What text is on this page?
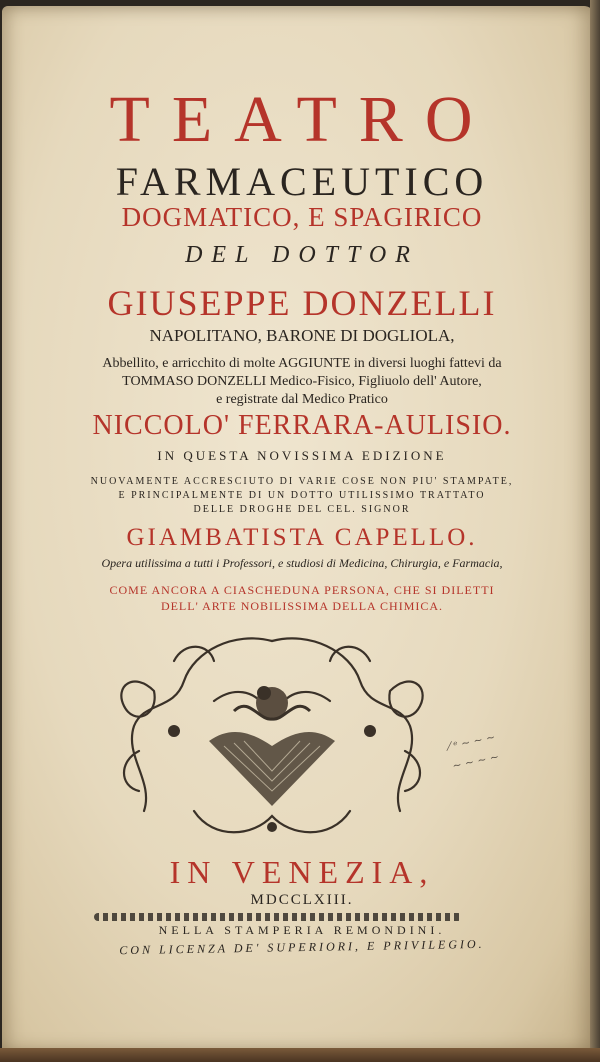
TEATRO
FARMACEUTICO
DOGMATICO, E SPAGIRICO
DEL DOTTOR
GIUSEPPE DONZELLI
NAPOLITANO, BARONE DI DOGLIOLA,
Abbellito, e arricchito di molte AGGIUNTE in diversi luoghi fattevi da
TOMMASO DONZELLI Medico-Fisico, Figliuolo dell' Autore,
e registrate dal Medico Pratico
NICCOLO' FERRARA-AULISIO.
IN QUESTA NOVISSIMA EDIZIONE
NUOVAMENTE ACCRESCIUTO DI VARIE COSE NON PIU' STAMPATE,
E PRINCIPALMENTE DI UN DOTTO UTILISSIMO TRATTATO
DELLE DROGHE DEL CEL. SIGNOR
GIAMBATISTA CAPELLO.
Opera utilissima a tutti i Professori, e studiosi di Medicina, Chirurgia, e Farmacia,
COME ANCORA A CIASCHEDUNA PERSONA, CHE SI DILETTI
DELL' ARTE NOBILISSIMA DELLA CHIMICA.
⁄ ᵉ ~ ~ ~
~ ~ ~ ~
IN VENEZIA,
MDCCLXIII.
NELLA STAMPERIA REMONDINI.
CON LICENZA DE' SUPERIORI, E PRIVILEGIO.
